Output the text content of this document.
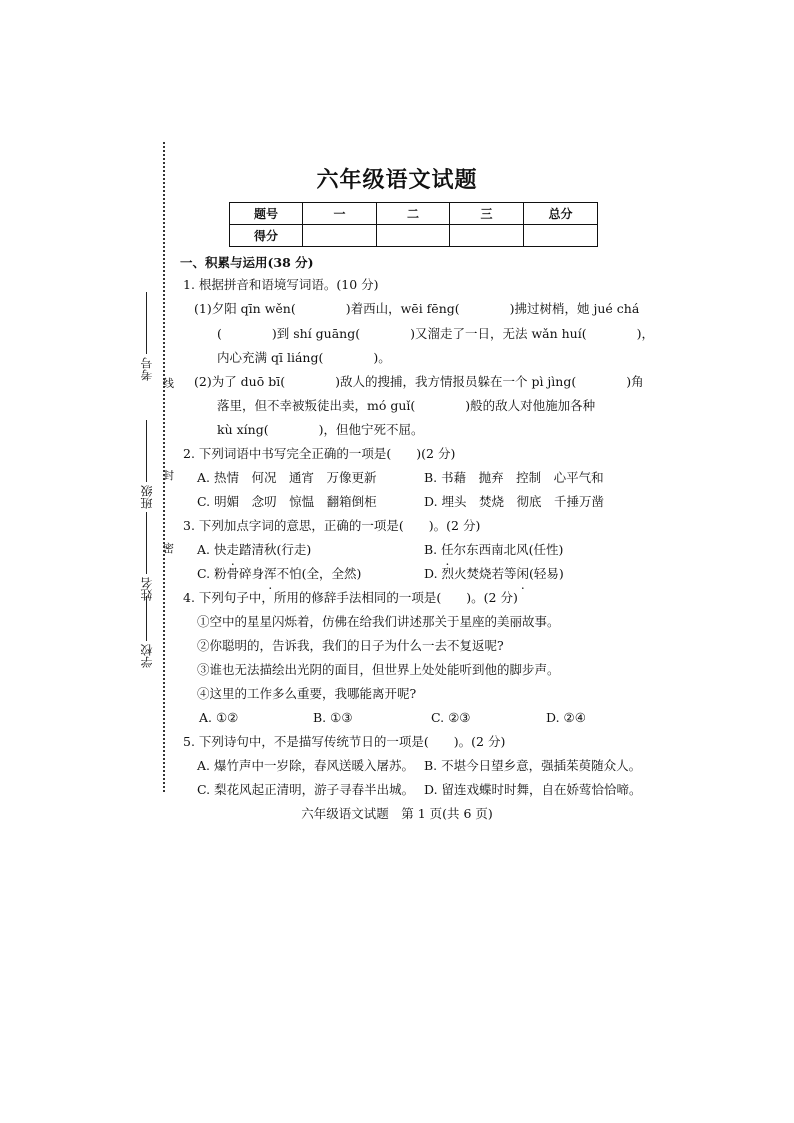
考号
班级
姓名
学校
线
封
密
六年级语文试题
题号	一	二	三	总分
得分				
一、积累与运用(38 分)
1. 根据拼音和语境写词语。(10 分)
(1)夕阳 qīn wěn(　　　　)着西山，wēi fēng(　　　　)拂过树梢，她 jué chá
(　　　　)到 shí guāng(　　　　)又溜走了一日，无法 wǎn huí(　　　　)，
内心充满 qī liáng(　　　　)。
(2)为了 duō bī(　　　　)敌人的搜捕，我方情报员躲在一个 pì jìng(　　　　)角
落里，但不幸被叛徒出卖，mó guǐ(　　　　)般的敌人对他施加各种
kù xíng(　　　　)，但他宁死不屈。
2. 下列词语中书写完全正确的一项是(　　)(2 分)
A. 热情　何况　通宵　万像更新	B. 书藉　抛弃　控制　心平气和
C. 明媚　念叨　惊愠　翻箱倒柜	D. 埋头　焚烧　彻底　千捶万凿
3. 下列加点字词的意思，正确的一项是(　　)。(2 分)
A. 快走踏清秋(行走)	B. 任尔东西南北风(任性)
C. 粉骨碎身浑不怕(全，全然)	D. 烈火焚烧若等闲(轻易)
4. 下列句子中，所用的修辞手法相同的一项是(　　)。(2 分)
①空中的星星闪烁着，仿佛在给我们讲述那关于星座的美丽故事。
②你聪明的，告诉我，我们的日子为什么一去不复返呢?
③谁也无法描绘出光阴的面目，但世界上处处能听到他的脚步声。
④这里的工作多么重要，我哪能离开呢?
A. ①②	B. ①③	C. ②③	D. ②④
5. 下列诗句中，不是描写传统节日的一项是(　　)。(2 分)
A. 爆竹声中一岁除，春风送暖入屠苏。 B. 不堪今日望乡意，强插茱萸随众人。
C. 梨花风起正清明，游子寻春半出城。 D. 留连戏蝶时时舞，自在娇莺恰恰啼。
六年级语文试题　第 1 页(共 6 页)
